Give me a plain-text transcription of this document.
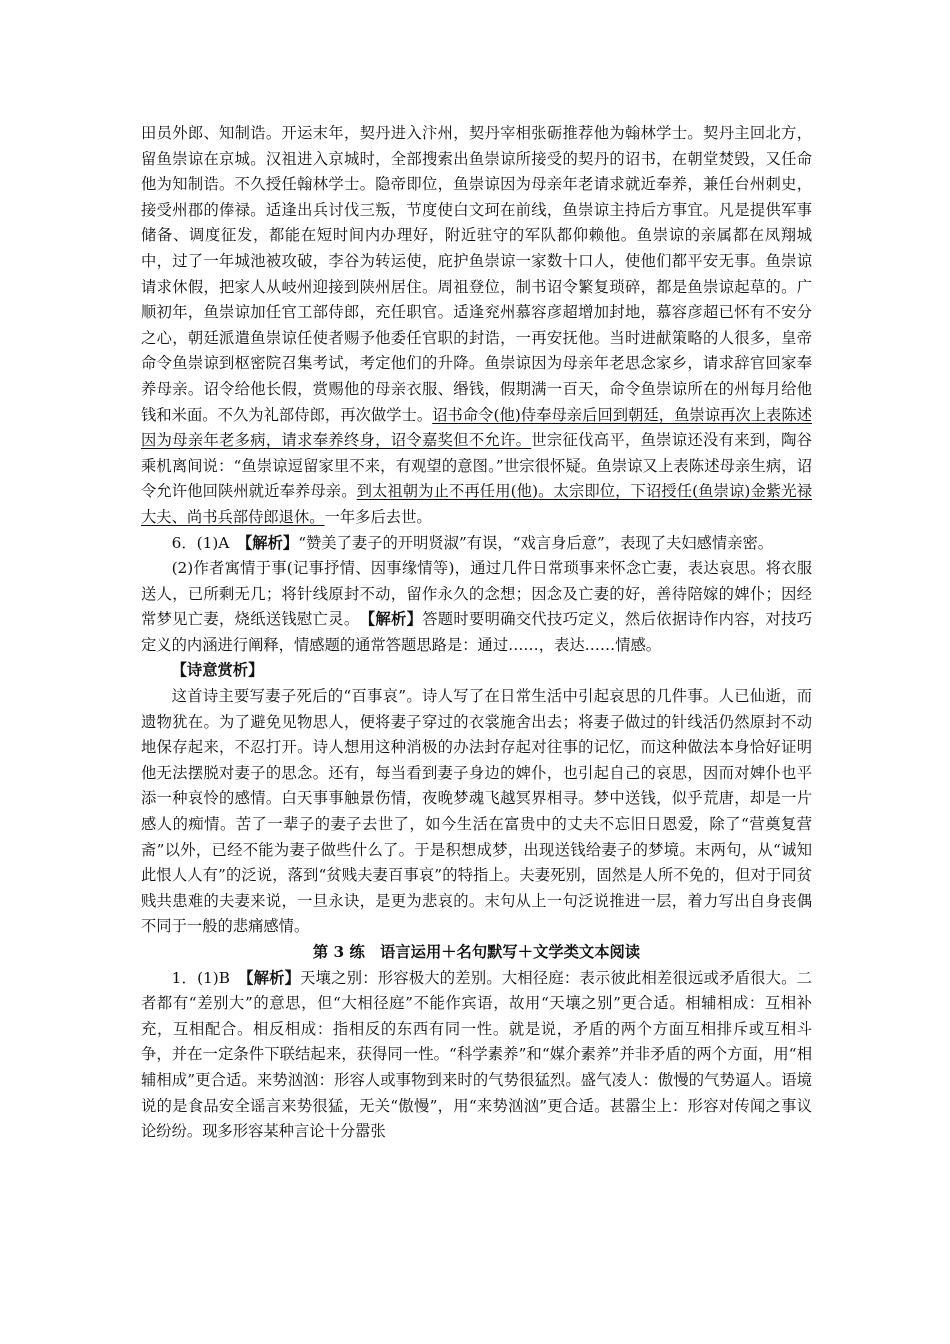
田员外郎、知制诰。开运末年，契丹进入汴州，契丹宰相张砺推荐他为翰林学士。契丹主回北方，留鱼崇谅在京城。汉祖进入京城时，全部搜索出鱼崇谅所接受的契丹的诏书，在朝堂焚毁，又任命他为知制诰。不久授任翰林学士。隐帝即位，鱼崇谅因为母亲年老请求就近奉养，兼任台州刺史，接受州郡的俸禄。适逢出兵讨伐三叛，节度使白文珂在前线，鱼崇谅主持后方事宜。凡是提供军事储备、调度征发，都能在短时间内办理好，附近驻守的军队都仰赖他。鱼崇谅的亲属都在凤翔城中，过了一年城池被攻破，李谷为转运使，庇护鱼崇谅一家数十口人，使他们都平安无事。鱼崇谅请求休假，把家人从岐州迎接到陕州居住。周祖登位，制书诏令繁复琐碎，都是鱼崇谅起草的。广顺初年，鱼崇谅加任官工部侍郎，充任职官。适逢兖州慕容彦超增加封地，慕容彦超已怀有不安分之心，朝廷派遣鱼崇谅任使者赐予他委任官职的封诰，一再安抚他。当时进献策略的人很多，皇帝命令鱼崇谅到枢密院召集考试，考定他们的升降。鱼崇谅因为母亲年老思念家乡，请求辞官回家奉养母亲。诏令给他长假，赏赐他的母亲衣服、缗钱，假期满一百天，命令鱼崇谅所在的州每月给他钱和米面。不久为礼部侍郎，再次做学士。诏书命令(他)侍奉母亲后回到朝廷，鱼崇谅再次上表陈述因为母亲年老多病，请求奉养终身，诏令嘉奖但不允许。世宗征伐高平，鱼崇谅还没有来到，陶谷乘机离间说：“鱼崇谅逗留家里不来，有观望的意图。”世宗很怀疑。鱼崇谅又上表陈述母亲生病，诏令允许他回陕州就近奉养母亲。到太祖朝为止不再任用(他)。太宗即位，下诏授任(鱼崇谅)金紫光禄大夫、尚书兵部侍郎退休。一年多后去世。

6．(1)A　【解析】“赞美了妻子的开明贤淑”有误，“戏言身后意”，表现了夫妇感情亲密。

(2)作者寓情于事(记事抒情、因事缘情等)，通过几件日常琐事来怀念亡妻，表达哀思。将衣服送人，已所剩无几；将针线原封不动，留作永久的念想；因念及亡妻的好，善待陪嫁的婢仆；因经常梦见亡妻，烧纸送钱慰亡灵。　【解析】答题时要明确交代技巧定义，然后依据诗作内容，对技巧定义的内涵进行阐释，情感题的通常答题思路是：通过……，表达……情感。

【诗意赏析】

这首诗主要写妻子死后的“百事哀”。诗人写了在日常生活中引起哀思的几件事。人已仙逝，而遗物犹在。为了避免见物思人，便将妻子穿过的衣裳施舍出去；将妻子做过的针线活仍然原封不动地保存起来，不忍打开。诗人想用这种消极的办法封存起对往事的记忆，而这种做法本身恰好证明他无法摆脱对妻子的思念。还有，每当看到妻子身边的婢仆，也引起自己的哀思，因而对婢仆也平添一种哀怜的感情。白天事事触景伤情，夜晚梦魂飞越冥界相寻。梦中送钱，似乎荒唐，却是一片感人的痴情。苦了一辈子的妻子去世了，如今生活在富贵中的丈夫不忘旧日恩爱，除了“营奠复营斋”以外，已经不能为妻子做些什么了。于是积想成梦，出现送钱给妻子的梦境。末两句，从“诚知此恨人人有”的泛说，落到“贫贱夫妻百事哀”的特指上。夫妻死别，固然是人所不免的，但对于同贫贱共患难的夫妻来说，一旦永诀，是更为悲哀的。末句从上一句泛说推进一层，着力写出自身丧偶不同于一般的悲痛感情。

第 3 练　语言运用＋名句默写＋文学类文本阅读

1．(1)B　【解析】天壤之别：形容极大的差别。大相径庭：表示彼此相差很远或矛盾很大。二者都有“差别大”的意思，但“大相径庭”不能作宾语，故用“天壤之别”更合适。相辅相成：互相补充，互相配合。相反相成：指相反的东西有同一性。就是说，矛盾的两个方面互相排斥或互相斗争，并在一定条件下联结起来，获得同一性。“科学素养”和“媒介素养”并非矛盾的两个方面，用“相辅相成”更合适。来势汹汹：形容人或事物到来时的气势很猛烈。盛气凌人：傲慢的气势逼人。语境说的是食品安全谣言来势很猛，无关“傲慢”，用“来势汹汹”更合适。甚嚣尘上：形容对传闻之事议论纷纷。现多形容某种言论十分嚣张
